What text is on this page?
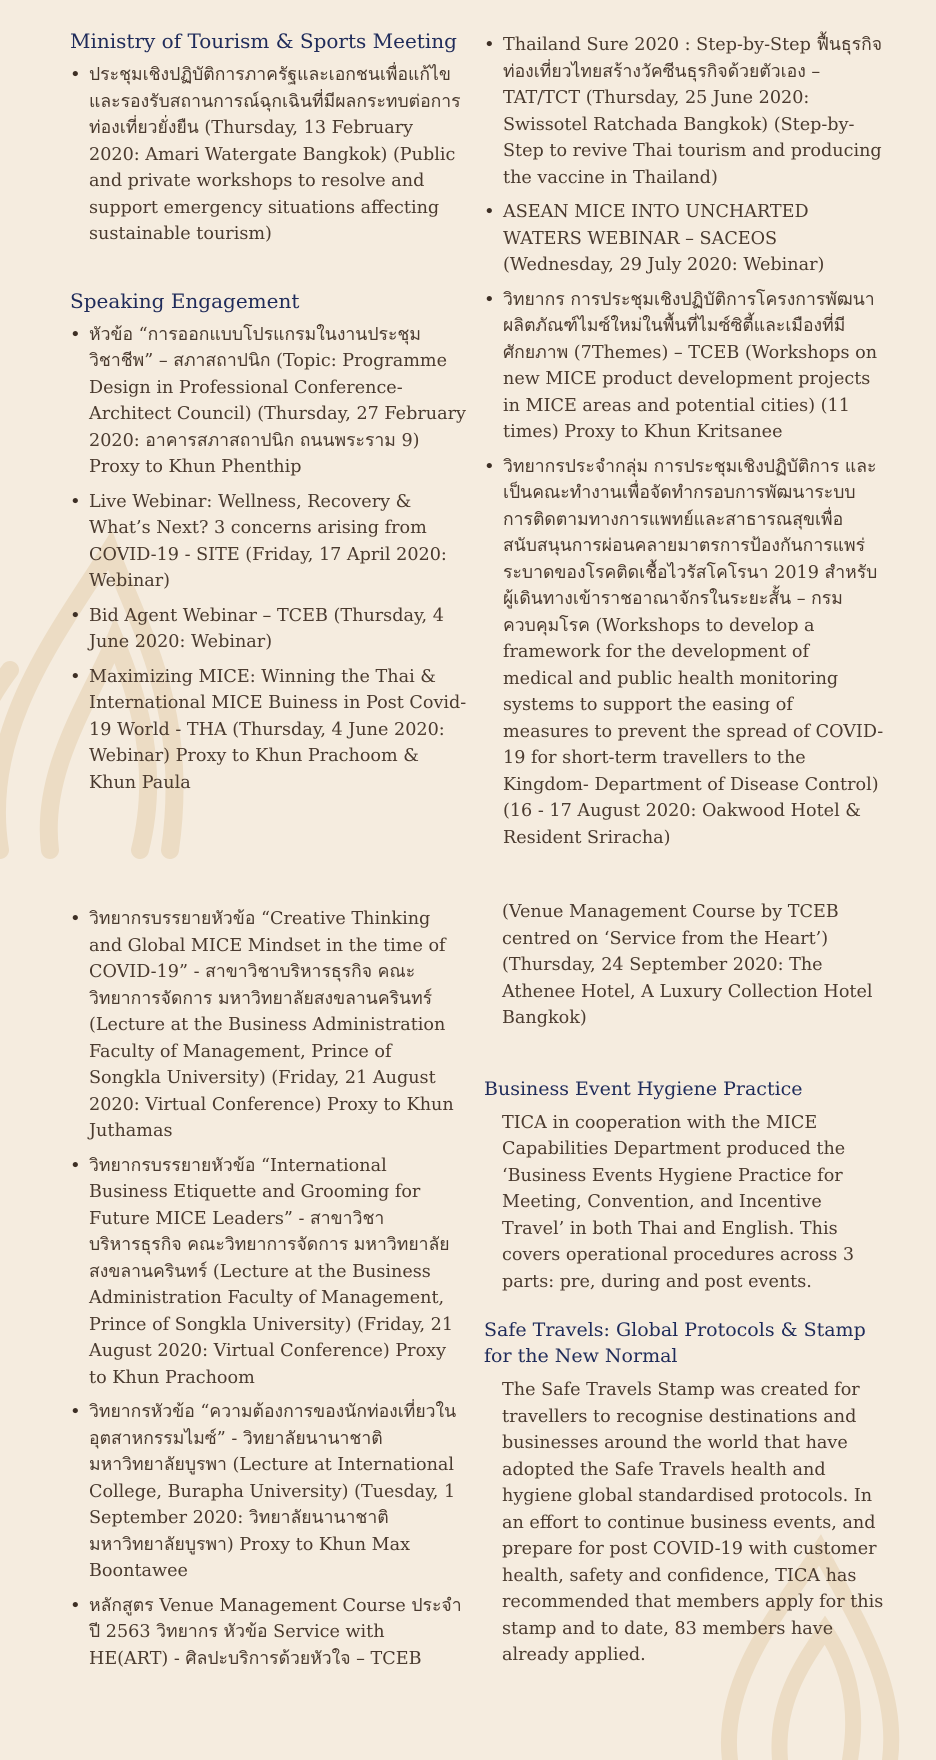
Ministry of Tourism & Sports Meeting
• ประชุมเชิงปฏิบัติการภาครัฐและเอกชนเพื่อแก้ไขและรองรับสถานการณ์ฉุกเฉินที่มีผลกระทบต่อการท่องเที่ยวยั่งยืน (Thursday, 13 February 2020: Amari Watergate Bangkok) (Public and private workshops to resolve and support emergency situations affecting sustainable tourism)
Speaking Engagement
• หัวข้อ “การออกแบบโปรแกรมในงานประชุมวิชาชีพ” – สภาสถาปนิก (Topic: Programme Design in Professional Conference-Architect Council) (Thursday, 27 February 2020: อาคารสภาสถาปนิก ถนนพระราม 9) Proxy to Khun Phenthip
• Live Webinar: Wellness, Recovery & What’s Next? 3 concerns arising from COVID-19 - SITE (Friday, 17 April 2020: Webinar)
• Bid Agent Webinar – TCEB (Thursday, 4 June 2020: Webinar)
• Maximizing MICE: Winning the Thai & International MICE Buiness in Post Covid-19 World - THA (Thursday, 4 June 2020: Webinar) Proxy to Khun Prachoom & Khun Paula
• Thailand Sure 2020 : Step-by-Step ฟื้นธุรกิจท่องเที่ยวไทยสร้างวัคซีนธุรกิจด้วยตัวเอง – TAT/TCT (Thursday, 25 June 2020: Swissotel Ratchada Bangkok) (Step-by-Step to revive Thai tourism and producing the vaccine in Thailand)
• ASEAN MICE INTO UNCHARTED WATERS WEBINAR – SACEOS (Wednesday, 29 July 2020: Webinar)
• วิทยากร การประชุมเชิงปฏิบัติการโครงการพัฒนาผลิตภัณฑ์ไมซ์ใหม่ในพื้นที่ไมซ์ซิตี้และเมืองที่มีศักยภาพ (7Themes) – TCEB (Workshops on new MICE product development projects in MICE areas and potential cities) (11 times) Proxy to Khun Kritsanee
• วิทยากรประจำกลุ่ม การประชุมเชิงปฏิบัติการ และเป็นคณะทำงานเพื่อจัดทำกรอบการพัฒนาระบบการติดตามทางการแพทย์และสาธารณสุขเพื่อสนับสนุนการผ่อนคลายมาตรการป้องกันการแพร่ระบาดของโรคติดเชื้อไวรัสโคโรนา 2019 สำหรับผู้เดินทางเข้าราชอาณาจักรในระยะสั้น – กรมควบคุมโรค (Workshops to develop a framework for the development of medical and public health monitoring systems to support the easing of measures to prevent the spread of COVID-19 for short-term travellers to the Kingdom- Department of Disease Control) (16 - 17 August 2020: Oakwood Hotel & Resident Sriracha)
• วิทยากรบรรยายหัวข้อ “Creative Thinking and Global MICE Mindset in the time of COVID-19” - สาขาวิชาบริหารธุรกิจ คณะวิทยาการจัดการ มหาวิทยาลัยสงขลานครินทร์ (Lecture at the Business Administration Faculty of Management, Prince of Songkla University) (Friday, 21 August 2020: Virtual Conference) Proxy to Khun Juthamas
• วิทยากรบรรยายหัวข้อ “International Business Etiquette and Grooming for Future MICE Leaders” - สาขาวิชาบริหารธุรกิจ คณะวิทยาการจัดการ มหาวิทยาลัยสงขลานครินทร์ (Lecture at the Business Administration Faculty of Management, Prince of Songkla University) (Friday, 21 August 2020: Virtual Conference) Proxy to Khun Prachoom
• วิทยากรหัวข้อ “ความต้องการของนักท่องเที่ยวในอุตสาหกรรมไมซ์” - วิทยาลัยนานาชาติ มหาวิทยาลัยบูรพา (Lecture at International College, Burapha University) (Tuesday, 1 September 2020: วิทยาลัยนานาชาติ มหาวิทยาลัยบูรพา) Proxy to Khun Max Boontawee
• หลักสูตร Venue Management Course ประจำปี 2563 วิทยากร หัวข้อ Service with HE(ART) - ศิลปะบริการด้วยหัวใจ – TCEB

(Venue Management Course by TCEB centred on ‘Service from the Heart’) (Thursday, 24 September 2020: The Athenee Hotel, A Luxury Collection Hotel Bangkok)

Business Event Hygiene Practice

TICA in cooperation with the MICE Capabilities Department produced the ‘Business Events Hygiene Practice for Meeting, Convention, and Incentive Travel’ in both Thai and English. This covers operational procedures across 3 parts: pre, during and post events.

Safe Travels: Global Protocols & Stamp for the New Normal

The Safe Travels Stamp was created for travellers to recognise destinations and businesses around the world that have adopted the Safe Travels health and hygiene global standardised protocols. In an effort to continue business events, and prepare for post COVID-19 with customer health, safety and confidence, TICA has recommended that members apply for this stamp and to date, 83 members have already applied.
